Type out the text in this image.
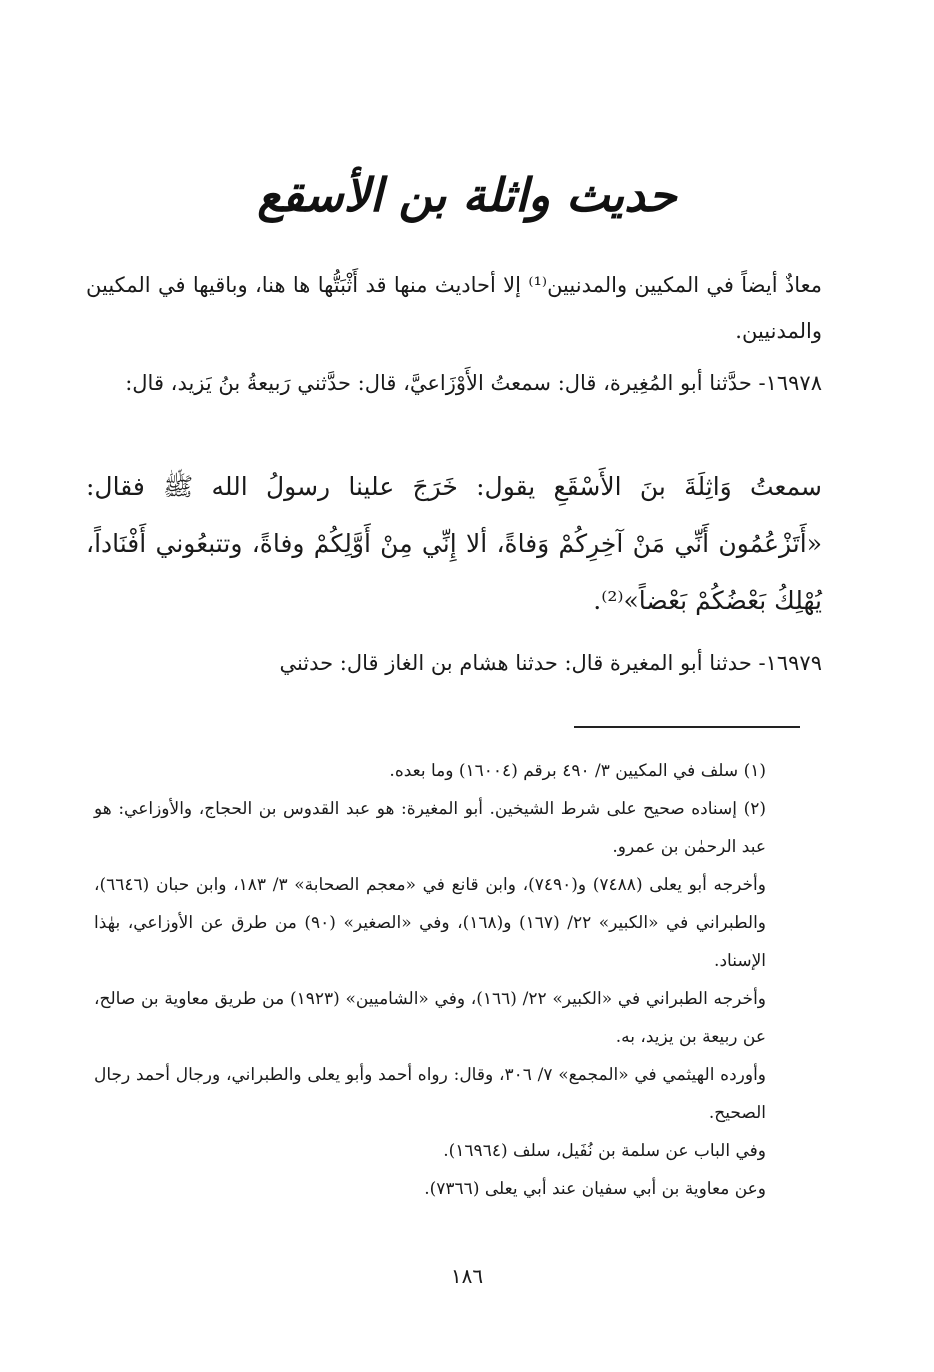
حديث واثلة بن الأسقع
معاذٌ أيضاً في المكيين والمدنيين⁽¹⁾ إلا أحاديث منها قد أَثْبَتُّها ها هنا، وباقيها في المكيين والمدنيين.
١٦٩٧٨- حدَّثنا أبو المُغِيرة، قال: سمعتُ الأَوْزَاعيَّ، قال: حدَّثني رَبيعةُ بنُ يَزيد، قال:
سمعتُ وَاثِلَةَ بنَ الأَسْقَعِ يقول: خَرَجَ علينا رسولُ الله ﷺ فقال: «أَتَزْعُمُون أَنِّي مَنْ آخِرِكُمْ وَفاةً، ألا إِنِّي مِنْ أَوَّلِكُمْ وفاةً، وتتبعُوني أَفْنَاداً، يُهْلِكُ بَعْضُكُمْ بَعْضاً»⁽²⁾.
١٦٩٧٩- حدثنا أبو المغيرة قال: حدثنا هشام بن الغاز قال: حدثني
(١) سلف في المكيين ٣/ ٤٩٠ برقم (١٦٠٠٤) وما بعده.
(٢) إسناده صحيح على شرط الشيخين. أبو المغيرة: هو عبد القدوس بن الحجاج، والأوزاعي: هو عبد الرحمٰن بن عمرو.
وأخرجه أبو يعلى (٧٤٨٨) و(٧٤٩٠)، وابن قانع في «معجم الصحابة» ٣/ ١٨٣، وابن حبان (٦٦٤٦)، والطبراني في «الكبير» ٢٢/ (١٦٧) و(١٦٨)، وفي «الصغير» (٩٠) من طرق عن الأوزاعي، بهٰذا الإسناد.
وأخرجه الطبراني في «الكبير» ٢٢/ (١٦٦)، وفي «الشاميين» (١٩٢٣) من طريق معاوية بن صالح، عن ربيعة بن يزيد، به.
وأورده الهيثمي في «المجمع» ٧/ ٣٠٦، وقال: رواه أحمد وأبو يعلى والطبراني، ورجال أحمد رجال الصحيح.
وفي الباب عن سلمة بن نُفَيل، سلف (١٦٩٦٤).
وعن معاوية بن أبي سفيان عند أبي يعلى (٧٣٦٦).
١٨٦
